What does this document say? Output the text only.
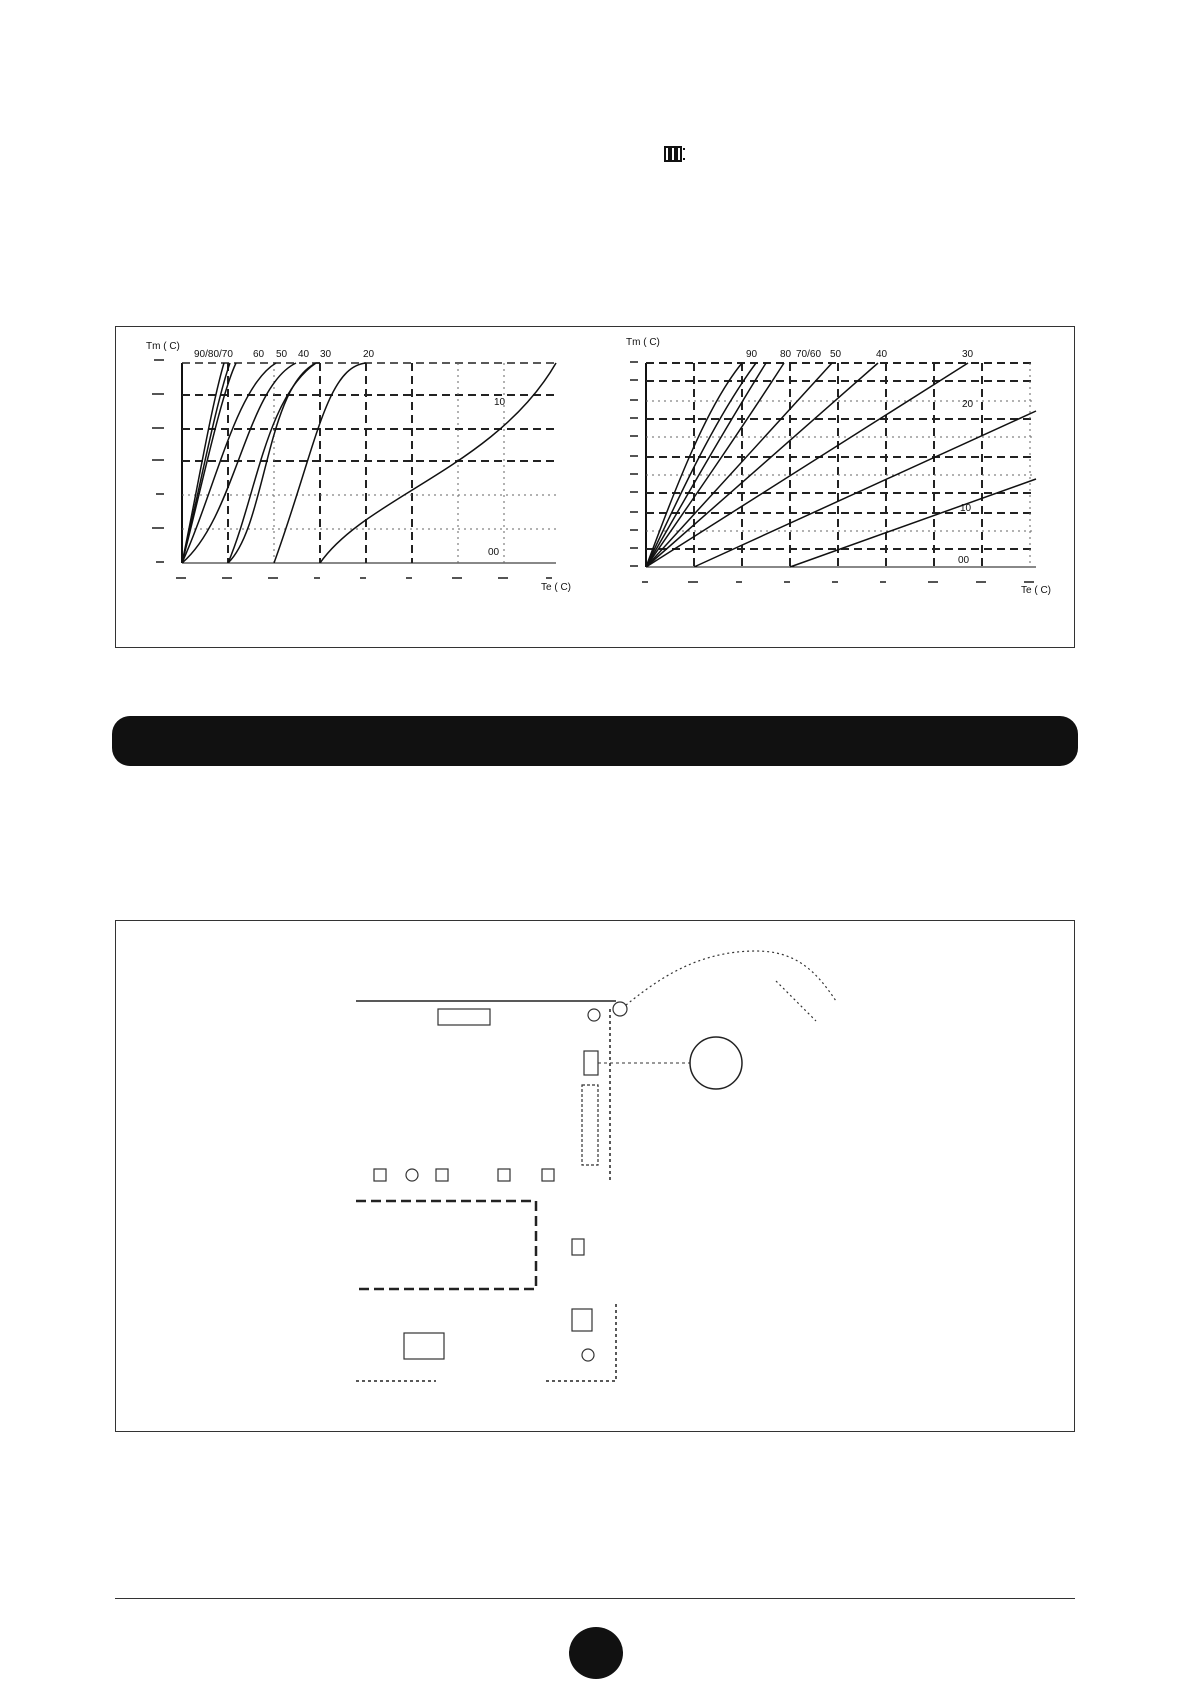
Tm ( C)
Te ( C)
90/80/70 60 50 40 30	20
10
00
Tm ( C)
Te ( C)
90 80 70/60 50	40	30
20
10
00
